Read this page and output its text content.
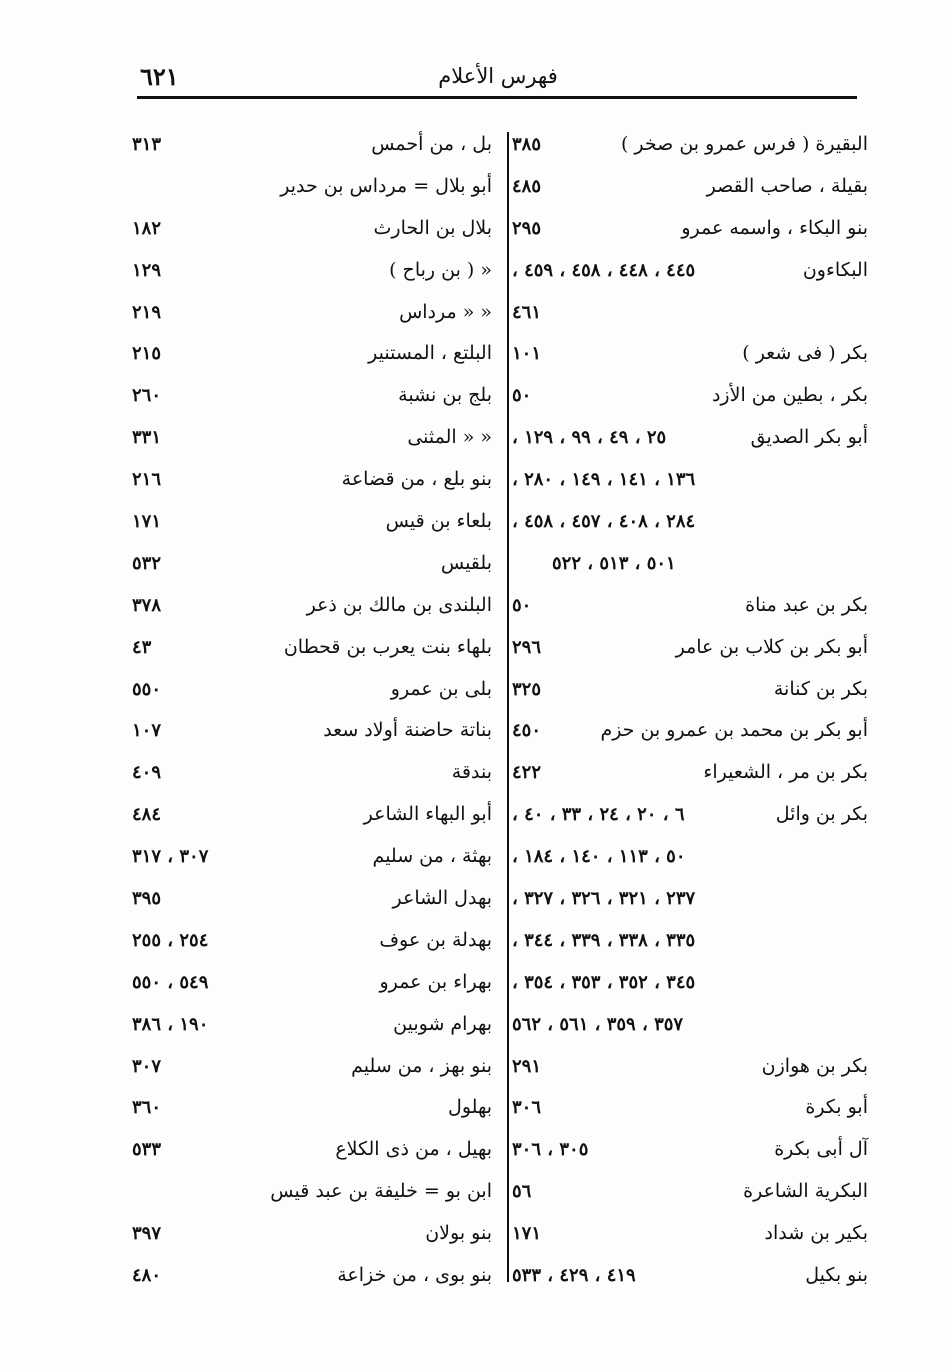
فهرس الأعلام
٦٢١
البقيرة ( فرس عمرو بن صخر )
٣٨٥
بقيلة ، صاحب القصر
٤٨٥
بنو البكاء ، واسمه عمرو
٢٩٥
البكاءون
٤٤٥ ، ٤٤٨ ، ٤٥٨ ، ٤٥٩ ،
٤٦١
بكر ( فى شعر )
١٠١
بكر ، بطين من الأزد
٥٠
أبو بكر الصديق
٢٥ ، ٤٩ ، ٩٩ ، ١٢٩ ،
١٣٦ ، ١٤١ ، ١٤٩ ، ٢٨٠ ،
٢٨٤ ، ٤٠٨ ، ٤٥٧ ، ٤٥٨ ،
٥٠١ ، ٥١٣ ، ٥٢٢
بكر بن عبد مناة
٥٠
أبو بكر بن كلاب بن عامر
٢٩٦
بكر بن كنانة
٣٢٥
أبو بكر بن محمد بن عمرو بن حزم
٤٥٠
بكر بن مر ، الشعيراء
٤٢٢
بكر بن وائل
٦ ، ٢٠ ، ٢٤ ، ٣٣ ، ٤٠ ،
٥٠ ، ١١٣ ، ١٤٠ ، ١٨٤ ،
٢٣٧ ، ٣٢١ ، ٣٢٦ ، ٣٢٧ ،
٣٣٥ ، ٣٣٨ ، ٣٣٩ ، ٣٤٤ ،
٣٤٥ ، ٣٥٢ ، ٣٥٣ ، ٣٥٤ ،
٣٥٧ ، ٣٥٩ ، ٥٦١ ، ٥٦٢
بكر بن هوازن
٢٩١
أبو بكرة
٣٠٦
آل أبى بكرة
٣٠٥ ، ٣٠٦
البكرية الشاعرة
٥٦
بكير بن شداد
١٧١
بنو بكيل
٤١٩ ، ٤٢٩ ، ٥٣٣
بل ، من أحمس
٣١٣
أبو بلال = مرداس بن حدير
بلال بن الحارث
١٨٢
« ( بن رباح )
١٢٩
« « مرداس
٢١٩
البلتع ، المستنير
٢١٥
بلج بن نشبة
٢٦٠
« « المثنى
٣٣١
بنو بلع ، من قضاعة
٢١٦
بلعاء بن قيس
١٧١
بلقيس
٥٣٢
البلندى بن مالك بن ذعر
٣٧٨
بلهاء بنت يعرب بن قحطان
٤٣
بلى بن عمرو
٥٥٠
بناتة حاضنة أولاد سعد
١٠٧
بندقة
٤٠٩
أبو البهاء الشاعر
٤٨٤
بهثة ، من سليم
٣٠٧ ، ٣١٧
بهدل الشاعر
٣٩٥
بهدلة بن عوف
٢٥٤ ، ٢٥٥
بهراء بن عمرو
٥٤٩ ، ٥٥٠
بهرام شوبين
١٩٠ ، ٣٨٦
بنو بهز ، من سليم
٣٠٧
بهلول
٣٦٠
بهيل ، من ذى الكلاع
٥٣٣
ابن بو = خليفة بن عبد قيس
بنو بولان
٣٩٧
بنو بوى ، من خزاعة
٤٨٠
